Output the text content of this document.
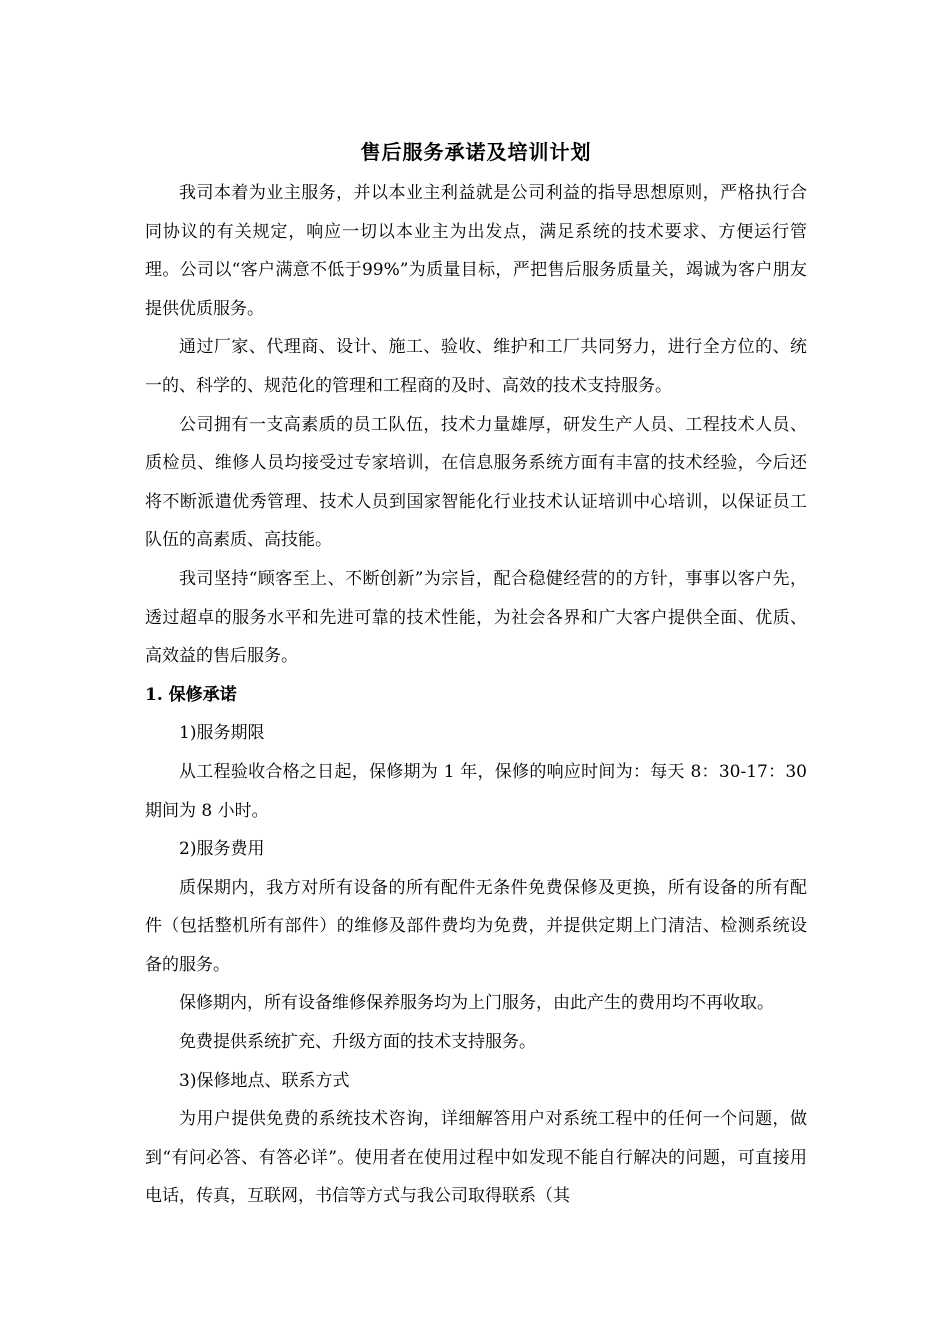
售后服务承诺及培训计划

我司本着为业主服务，并以本业主利益就是公司利益的指导思想原则，严格执行合同协议的有关规定，响应一切以本业主为出发点，满足系统的技术要求、方便运行管理。公司以“客户满意不低于99%”为质量目标，严把售后服务质量关，竭诚为客户朋友提供优质服务。

通过厂家、代理商、设计、施工、验收、维护和工厂共同努力，进行全方位的、统一的、科学的、规范化的管理和工程商的及时、高效的技术支持服务。

公司拥有一支高素质的员工队伍，技术力量雄厚，研发生产人员、工程技术人员、质检员、维修人员均接受过专家培训，在信息服务系统方面有丰富的技术经验，今后还将不断派遣优秀管理、技术人员到国家智能化行业技术认证培训中心培训，以保证员工队伍的高素质、高技能。

我司坚持“顾客至上、不断创新”为宗旨，配合稳健经营的的方针，事事以客户先，透过超卓的服务水平和先进可靠的技术性能，为社会各界和广大客户提供全面、优质、高效益的售后服务。

1. 保修承诺

1)服务期限

从工程验收合格之日起，保修期为 1 年，保修的响应时间为：每天 8：30-17：30 期间为 8 小时。

2)服务费用

质保期内，我方对所有设备的所有配件无条件免费保修及更换，所有设备的所有配件（包括整机所有部件）的维修及部件费均为免费，并提供定期上门清洁、检测系统设备的服务。

保修期内，所有设备维修保养服务均为上门服务，由此产生的费用均不再收取。

免费提供系统扩充、升级方面的技术支持服务。

3)保修地点、联系方式

为用户提供免费的系统技术咨询，详细解答用户对系统工程中的任何一个问题，做到“有问必答、有答必详”。使用者在使用过程中如发现不能自行解决的问题，可直接用电话，传真，互联网，书信等方式与我公司取得联系（其
